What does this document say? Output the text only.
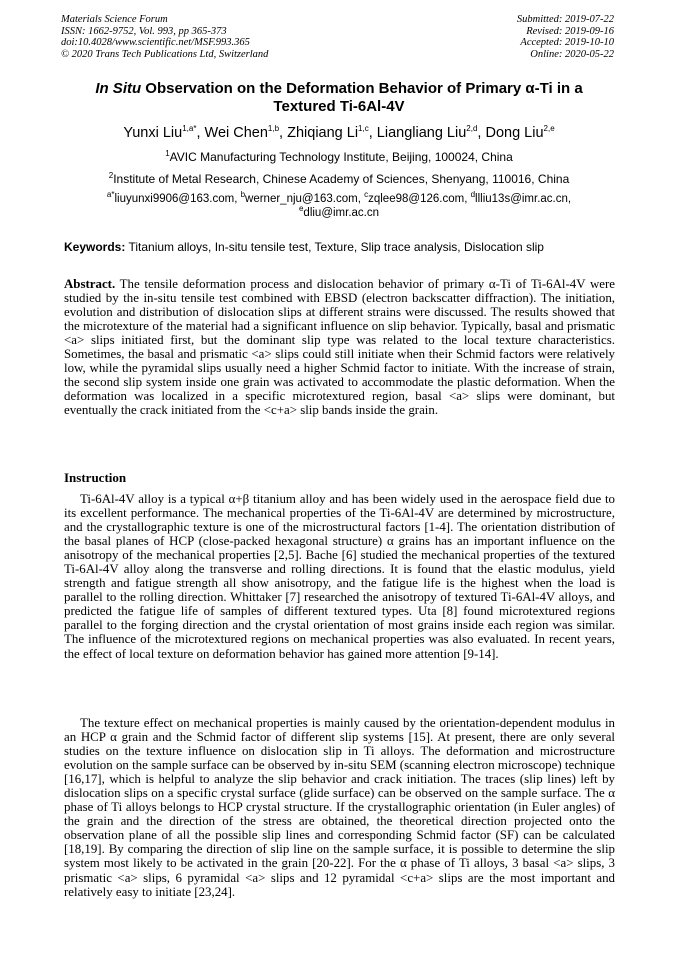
Materials Science Forum
ISSN: 1662-9752, Vol. 993, pp 365-373
doi:10.4028/www.scientific.net/MSF.993.365
© 2020 Trans Tech Publications Ltd, Switzerland
Submitted: 2019-07-22
Revised: 2019-09-16
Accepted: 2019-10-10
Online: 2020-05-22
In Situ Observation on the Deformation Behavior of Primary α-Ti in a Textured Ti-6Al-4V
Yunxi Liu$^{1,a*}$, Wei Chen$^{1,b}$, Zhiqiang Li$^{1,c}$, Liangliang Liu$^{2,d}$, Dong Liu$^{2,e}$
$^1$AVIC Manufacturing Technology Institute, Beijing, 100024, China
$^2$Institute of Metal Research, Chinese Academy of Sciences, Shenyang, 110016, China
$^{a*}$liuyunxi9906@163.com, $^b$werner_nju@163.com, $^c$zqlee98@126.com, $^d$llliu13s@imr.ac.cn, $^e$dliu@imr.ac.cn
Keywords: Titanium alloys, In-situ tensile test, Texture, Slip trace analysis, Dislocation slip
Abstract. The tensile deformation process and dislocation behavior of primary α-Ti of Ti-6Al-4V were studied by the in-situ tensile test combined with EBSD (electron backscatter diffraction). The initiation, evolution and distribution of dislocation slips at different strains were discussed. The results showed that the microtexture of the material had a significant influence on slip behavior. Typically, basal and prismatic <a> slips initiated first, but the dominant slip type was related to the local texture characteristics. Sometimes, the basal and prismatic <a> slips could still initiate when their Schmid factors were relatively low, while the pyramidal slips usually need a higher Schmid factor to initiate. With the increase of strain, the second slip system inside one grain was activated to accommodate the plastic deformation. When the deformation was localized in a specific microtextured region, basal <a> slips were dominant, but eventually the crack initiated from the <c+a> slip bands inside the grain.
Instruction
Ti-6Al-4V alloy is a typical α+β titanium alloy and has been widely used in the aerospace field due to its excellent performance. The mechanical properties of the Ti-6Al-4V are determined by microstructure, and the crystallographic texture is one of the microstructural factors [1-4]. The orientation distribution of the basal planes of HCP (close-packed hexagonal structure) α grains has an important influence on the anisotropy of the mechanical properties [2,5]. Bache [6] studied the mechanical properties of the textured Ti-6Al-4V alloy along the transverse and rolling directions. It is found that the elastic modulus, yield strength and fatigue strength all show anisotropy, and the fatigue life is the highest when the load is parallel to the rolling direction. Whittaker [7] researched the anisotropy of textured Ti-6Al-4V alloys, and predicted the fatigue life of samples of different textured types. Uta [8] found microtextured regions parallel to the forging direction and the crystal orientation of most grains inside each region was similar. The influence of the microtextured regions on mechanical properties was also evaluated. In recent years, the effect of local texture on deformation behavior has gained more attention [9-14].
The texture effect on mechanical properties is mainly caused by the orientation-dependent modulus in an HCP α grain and the Schmid factor of different slip systems [15]. At present, there are only several studies on the texture influence on dislocation slip in Ti alloys. The deformation and microstructure evolution on the sample surface can be observed by in-situ SEM (scanning electron microscope) technique [16,17], which is helpful to analyze the slip behavior and crack initiation. The traces (slip lines) left by dislocation slips on a specific crystal surface (glide surface) can be observed on the sample surface. The α phase of Ti alloys belongs to HCP crystal structure. If the crystallographic orientation (in Euler angles) of the grain and the direction of the stress are obtained, the theoretical direction projected onto the observation plane of all the possible slip lines and corresponding Schmid factor (SF) can be calculated [18,19]. By comparing the direction of slip line on the sample surface, it is possible to determine the slip system most likely to be activated in the grain [20-22]. For the α phase of Ti alloys, 3 basal <a> slips, 3 prismatic <a> slips, 6 pyramidal <a> slips and 12 pyramidal <c+a> slips are the most important and relatively easy to initiate [23,24].
